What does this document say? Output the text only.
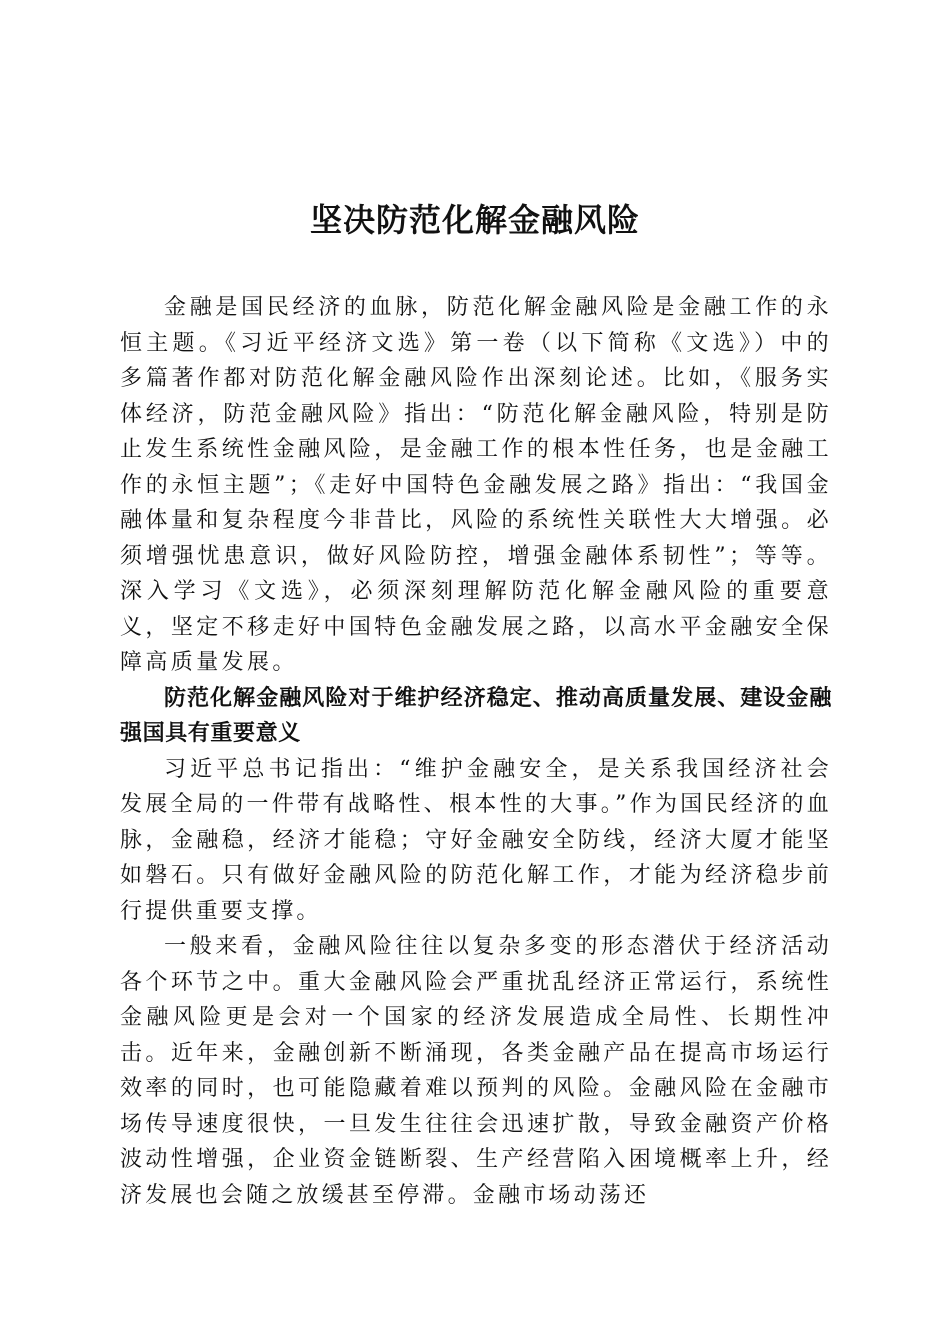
坚决防范化解金融风险

金融是国民经济的血脉，防范化解金融风险是金融工作的永恒主题。《习近平经济文选》第一卷（以下简称《文选》）中的多篇著作都对防范化解金融风险作出深刻论述。比如，《服务实体经济，防范金融风险》指出：“防范化解金融风险，特别是防止发生系统性金融风险，是金融工作的根本性任务，也是金融工作的永恒主题”；《走好中国特色金融发展之路》指出：“我国金融体量和复杂程度今非昔比，风险的系统性关联性大大增强。必须增强忧患意识，做好风险防控，增强金融体系韧性”；等等。深入学习《文选》，必须深刻理解防范化解金融风险的重要意义，坚定不移走好中国特色金融发展之路，以高水平金融安全保障高质量发展。

防范化解金融风险对于维护经济稳定、推动高质量发展、建设金融强国具有重要意义

习近平总书记指出：“维护金融安全，是关系我国经济社会发展全局的一件带有战略性、根本性的大事。”作为国民经济的血脉，金融稳，经济才能稳；守好金融安全防线，经济大厦才能坚如磐石。只有做好金融风险的防范化解工作，才能为经济稳步前行提供重要支撑。

一般来看，金融风险往往以复杂多变的形态潜伏于经济活动各个环节之中。重大金融风险会严重扰乱经济正常运行，系统性金融风险更是会对一个国家的经济发展造成全局性、长期性冲击。近年来，金融创新不断涌现，各类金融产品在提高市场运行效率的同时，也可能隐藏着难以预判的风险。金融风险在金融市场传导速度很快，一旦发生往往会迅速扩散，导致金融资产价格波动性增强，企业资金链断裂、生产经营陷入困境概率上升，经济发展也会随之放缓甚至停滞。金融市场动荡还
